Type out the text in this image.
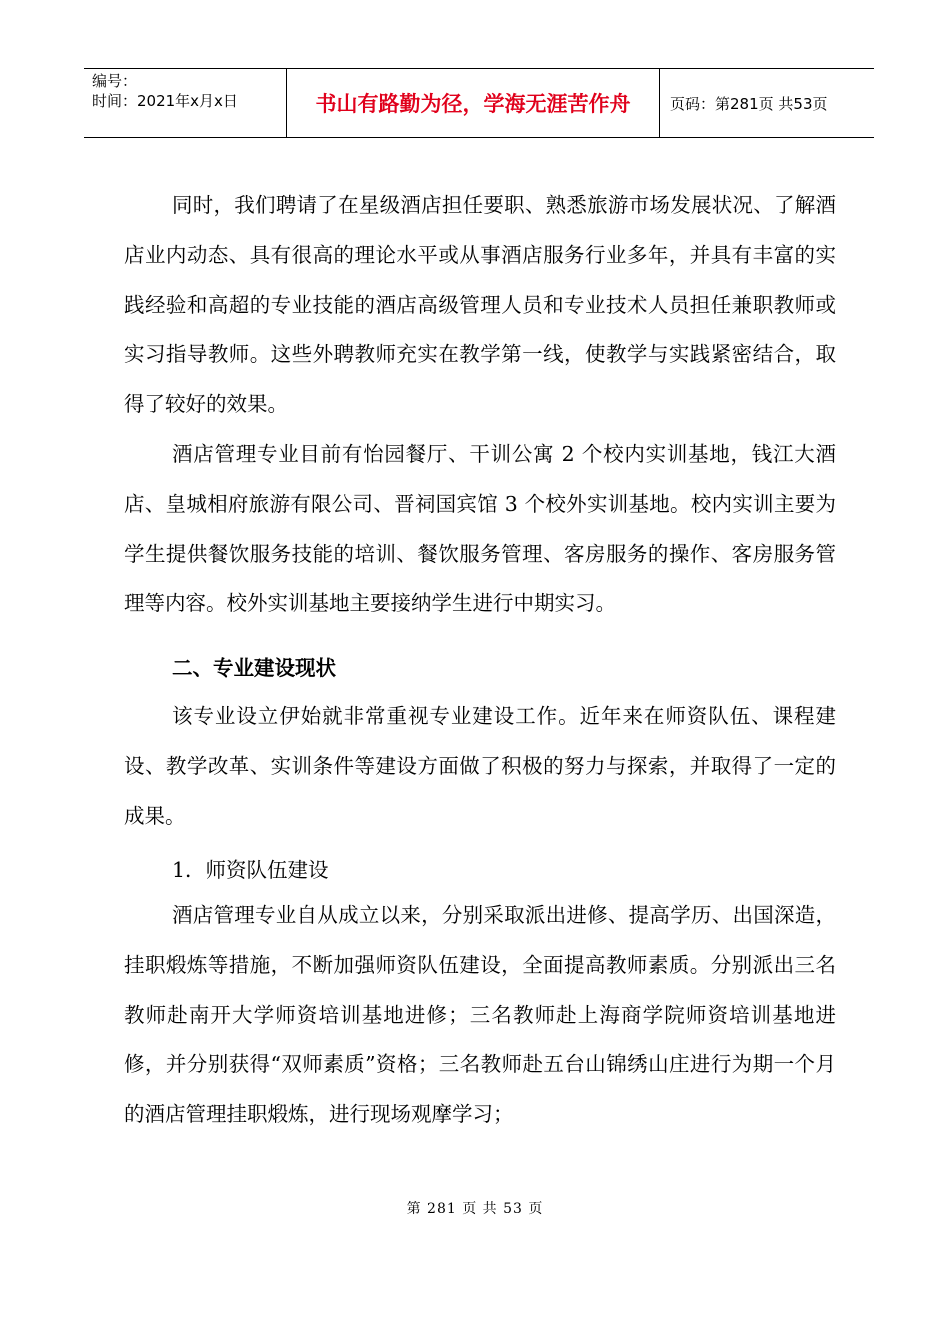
编号：
时间：2021年x月x日	书山有路勤为径，学海无涯苦作舟	页码：第281页 共53页

同时，我们聘请了在星级酒店担任要职、熟悉旅游市场发展状况、了解酒店业内动态、具有很高的理论水平或从事酒店服务行业多年，并具有丰富的实践经验和高超的专业技能的酒店高级管理人员和专业技术人员担任兼职教师或实习指导教师。这些外聘教师充实在教学第一线，使教学与实践紧密结合，取得了较好的效果。

酒店管理专业目前有怡园餐厅、干训公寓 2 个校内实训基地，钱江大酒店、皇城相府旅游有限公司、晋祠国宾馆 3 个校外实训基地。校内实训主要为学生提供餐饮服务技能的培训、餐饮服务管理、客房服务的操作、客房服务管理等内容。校外实训基地主要接纳学生进行中期实习。

二、专业建设现状

该专业设立伊始就非常重视专业建设工作。近年来在师资队伍、课程建设、教学改革、实训条件等建设方面做了积极的努力与探索，并取得了一定的成果。

1．师资队伍建设

酒店管理专业自从成立以来，分别采取派出进修、提高学历、出国深造，挂职煅炼等措施，不断加强师资队伍建设，全面提高教师素质。分别派出三名教师赴南开大学师资培训基地进修；三名教师赴上海商学院师资培训基地进修，并分别获得“双师素质”资格；三名教师赴五台山锦绣山庄进行为期一个月的酒店管理挂职煅炼，进行现场观摩学习；

第 281 页 共 53 页
